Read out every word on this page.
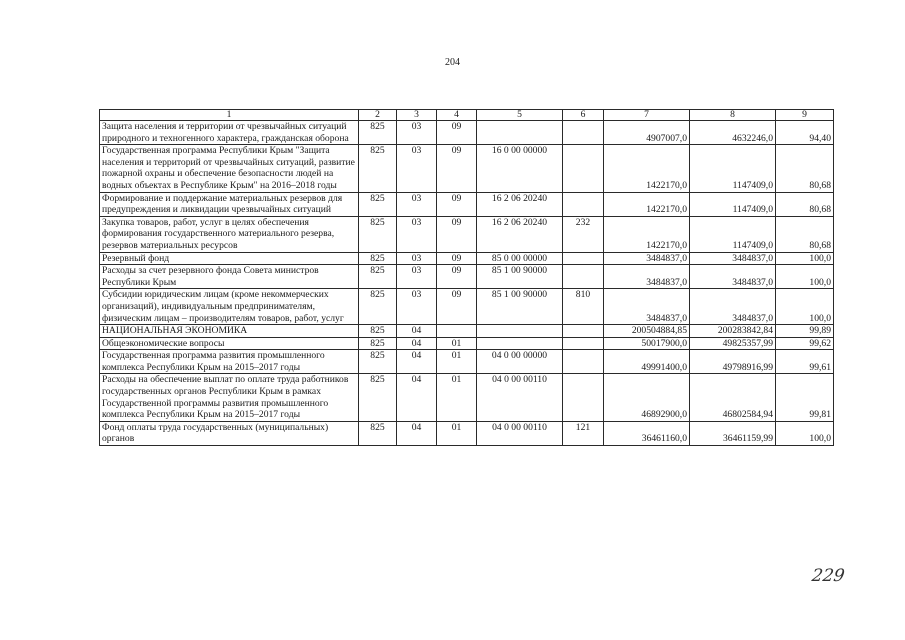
204
1	2	3	4	5	6	7	8	9
Защита населения и территории от чрезвычайных ситуаций природного и техногенного характера, гражданская оборона	825	03	09			4907007,0	4632246,0	94,40
Государственная программа Республики Крым "Защита населения и территорий от чрезвычайных ситуаций, развитие пожарной охраны и обеспечение безопасности людей на водных объектах в Республике Крым" на 2016–2018 годы	825	03	09	16 0 00 00000		1422170,0	1147409,0	80,68
Формирование и поддержание материальных резервов для предупреждения и ликвидации чрезвычайных ситуаций	825	03	09	16 2 06 20240		1422170,0	1147409,0	80,68
Закупка товаров, работ, услуг в целях обеспечения формирования государственного материального резерва, резервов материальных ресурсов	825	03	09	16 2 06 20240	232	1422170,0	1147409,0	80,68
Резервный фонд	825	03	09	85 0 00 00000		3484837,0	3484837,0	100,0
Расходы за счет резервного фонда Совета министров Республики Крым	825	03	09	85 1 00 90000		3484837,0	3484837,0	100,0
Субсидии юридическим лицам (кроме некоммерческих организаций), индивидуальным предпринимателям, физическим лицам – производителям товаров, работ, услуг	825	03	09	85 1 00 90000	810	3484837,0	3484837,0	100,0
НАЦИОНАЛЬНАЯ ЭКОНОМИКА	825	04				200504884,85	200283842,84	99,89
Общеэкономические вопросы	825	04	01			50017900,0	49825357,99	99,62
Государственная программа развития промышленного комплекса Республики Крым на 2015–2017 годы	825	04	01	04 0 00 00000		49991400,0	49798916,99	99,61
Расходы на обеспечение выплат по оплате труда работников государственных органов Республики Крым в рамках Государственной программы развития промышленного комплекса Республики Крым на 2015–2017 годы	825	04	01	04 0 00 00110		46892900,0	46802584,94	99,81
Фонд оплаты труда государственных (муниципальных) органов	825	04	01	04 0 00 00110	121	36461160,0	36461159,99	100,0
229
